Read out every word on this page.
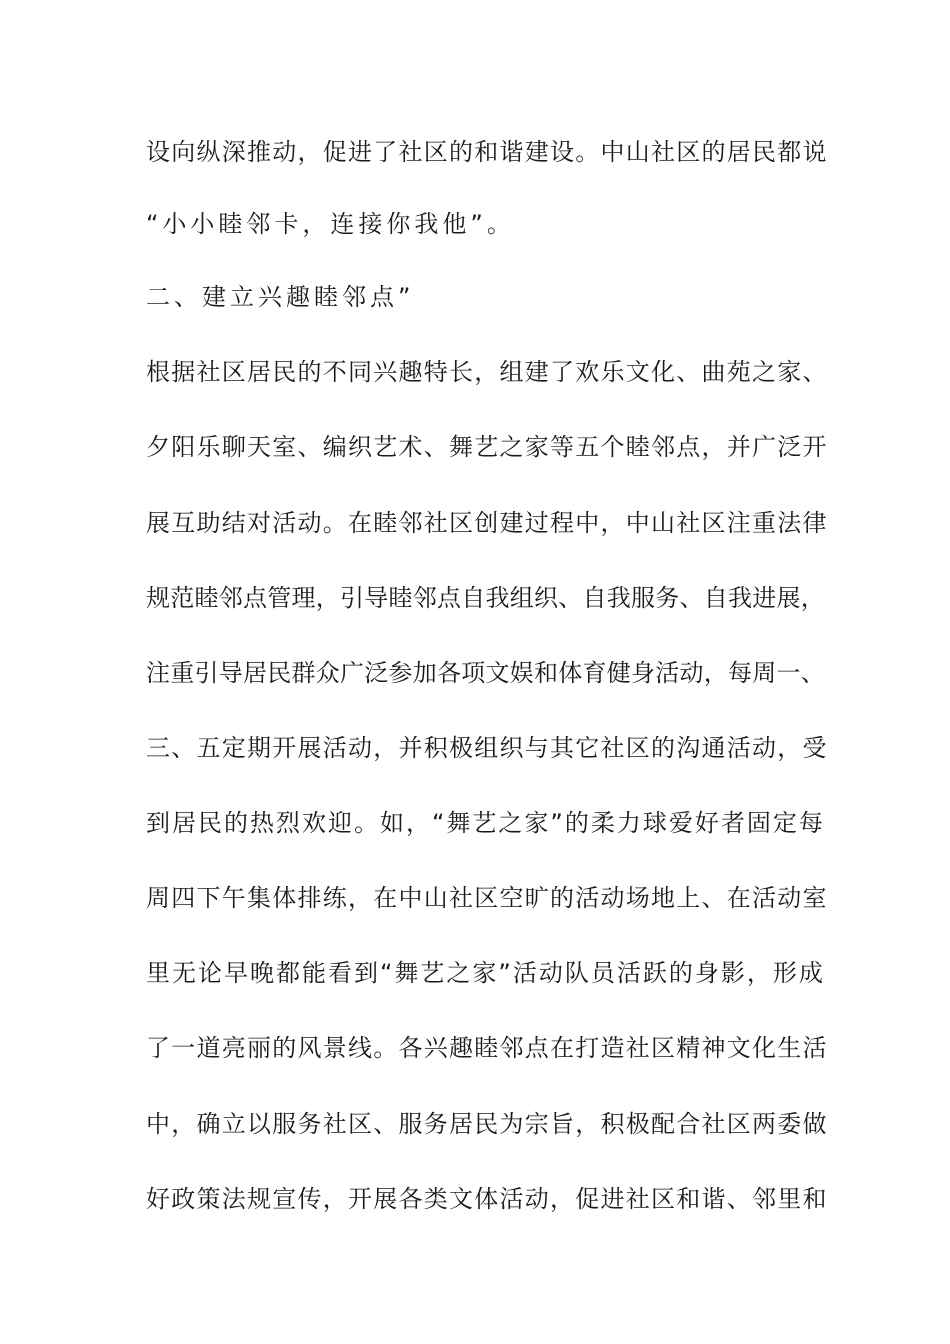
设向纵深推动，促进了社区的和谐建设。中山社区的居民都说
“小小睦邻卡，连接你我他”。
二、建立兴趣睦邻点”
根据社区居民的不同兴趣特长，组建了欢乐文化、曲苑之家、
夕阳乐聊天室、编织艺术、舞艺之家等五个睦邻点，并广泛开
展互助结对活动。在睦邻社区创建过程中，中山社区注重法律
规范睦邻点管理，引导睦邻点自我组织、自我服务、自我进展，
注重引导居民群众广泛参加各项文娱和体育健身活动，每周一、
三、五定期开展活动，并积极组织与其它社区的沟通活动，受
到居民的热烈欢迎。如，“舞艺之家”的柔力球爱好者固定每
周四下午集体排练，在中山社区空旷的活动场地上、在活动室
里无论早晚都能看到“舞艺之家”活动队员活跃的身影，形成
了一道亮丽的风景线。各兴趣睦邻点在打造社区精神文化生活
中，确立以服务社区、服务居民为宗旨，积极配合社区两委做
好政策法规宣传，开展各类文体活动，促进社区和谐、邻里和
